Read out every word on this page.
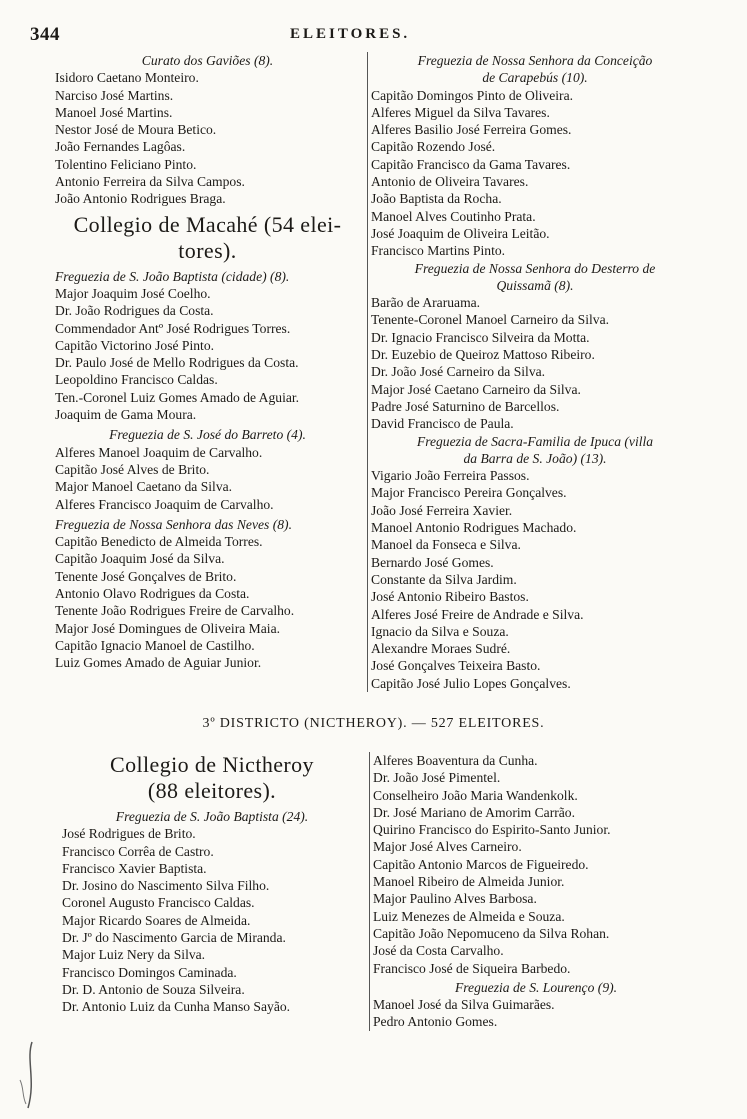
344	ELEITORES.
Curato dos Gaviões (8).
Isidoro Caetano Monteiro.
Narciso José Martins.
Manoel José Martins.
Nestor José de Moura Betico.
João Fernandes Lagôas.
Tolentino Feliciano Pinto.
Antonio Ferreira da Silva Campos.
João Antonio Rodrigues Braga.
Collegio de Macahé (54 elei-
tores).
Freguezia de S. João Baptista (cidade) (8).
Major Joaquim José Coelho.
Dr. João Rodrigues da Costa.
Commendador Antº José Rodrigues Torres.
Capitão Victorino José Pinto.
Dr. Paulo José de Mello Rodrigues da Costa.
Leopoldino Francisco Caldas.
Ten.-Coronel Luiz Gomes Amado de Aguiar.
Joaquim de Gama Moura.
Freguezia de S. José do Barreto (4).
Alferes Manoel Joaquim de Carvalho.
Capitão José Alves de Brito.
Major Manoel Caetano da Silva.
Alferes Francisco Joaquim de Carvalho.
Freguezia de Nossa Senhora das Neves (8).
Capitão Benedicto de Almeida Torres.
Capitão Joaquim José da Silva.
Tenente José Gonçalves de Brito.
Antonio Olavo Rodrigues da Costa.
Tenente João Rodrigues Freire de Carvalho.
Major José Domingues de Oliveira Maia.
Capitão Ignacio Manoel de Castilho.
Luiz Gomes Amado de Aguiar Junior.
Freguezia de Nossa Senhora da Conceição
de Carapebús (10).
Capitão Domingos Pinto de Oliveira.
Alferes Miguel da Silva Tavares.
Alferes Basilio José Ferreira Gomes.
Capitão Rozendo José.
Capitão Francisco da Gama Tavares.
Antonio de Oliveira Tavares.
João Baptista da Rocha.
Manoel Alves Coutinho Prata.
José Joaquim de Oliveira Leitão.
Francisco Martins Pinto.
Freguezia de Nossa Senhora do Desterro de
Quissamã (8).
Barão de Araruama.
Tenente-Coronel Manoel Carneiro da Silva.
Dr. Ignacio Francisco Silveira da Motta.
Dr. Euzebio de Queiroz Mattoso Ribeiro.
Dr. João José Carneiro da Silva.
Major José Caetano Carneiro da Silva.
Padre José Saturnino de Barcellos.
David Francisco de Paula.
Freguezia de Sacra-Familia de Ipuca (villa
da Barra de S. João) (13).
Vigario João Ferreira Passos.
Major Francisco Pereira Gonçalves.
João José Ferreira Xavier.
Manoel Antonio Rodrigues Machado.
Manoel da Fonseca e Silva.
Bernardo José Gomes.
Constante da Silva Jardim.
José Antonio Ribeiro Bastos.
Alferes José Freire de Andrade e Silva.
Ignacio da Silva e Souza.
Alexandre Moraes Sudré.
José Gonçalves Teixeira Basto.
Capitão José Julio Lopes Gonçalves.
3º DISTRICTO (NICTHEROY). — 527 ELEITORES.
Collegio de Nictheroy
(88 eleitores).
Freguezia de S. João Baptista (24).
José Rodrigues de Brito.
Francisco Corrêa de Castro.
Francisco Xavier Baptista.
Dr. Josino do Nascimento Silva Filho.
Coronel Augusto Francisco Caldas.
Major Ricardo Soares de Almeida.
Dr. Jº do Nascimento Garcia de Miranda.
Major Luiz Nery da Silva.
Francisco Domingos Caminada.
Dr. D. Antonio de Souza Silveira.
Dr. Antonio Luiz da Cunha Manso Sayão.
Alferes Boaventura da Cunha.
Dr. João José Pimentel.
Conselheiro João Maria Wandenkolk.
Dr. José Mariano de Amorim Carrão.
Quirino Francisco do Espirito-Santo Junior.
Major José Alves Carneiro.
Capitão Antonio Marcos de Figueiredo.
Manoel Ribeiro de Almeida Junior.
Major Paulino Alves Barbosa.
Luiz Menezes de Almeida e Souza.
Capitão João Nepomuceno da Silva Rohan.
José da Costa Carvalho.
Francisco José de Siqueira Barbedo.
Freguezia de S. Lourenço (9).
Manoel José da Silva Guimarães.
Pedro Antonio Gomes.
